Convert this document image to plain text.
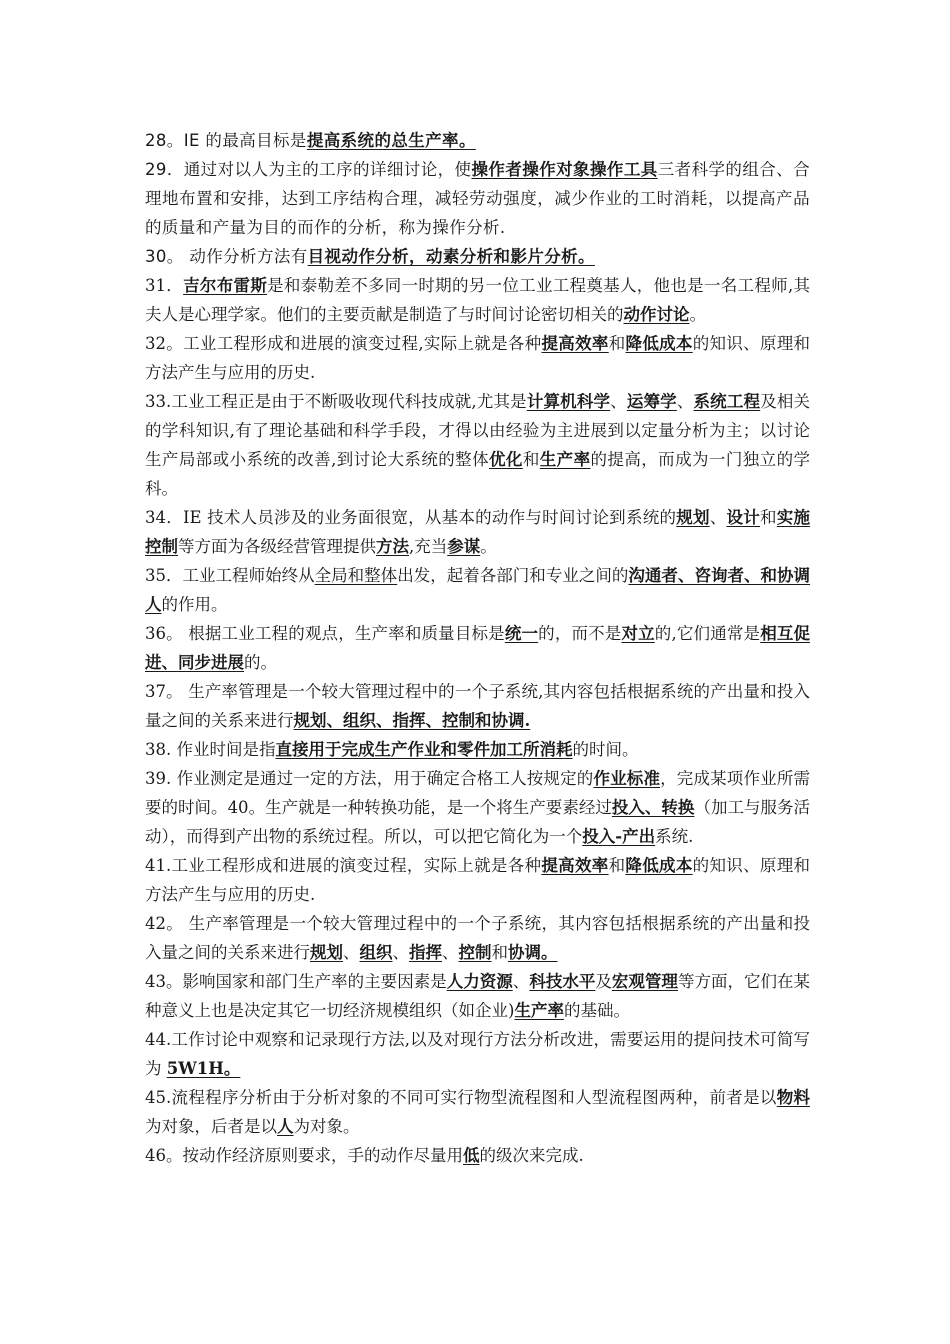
28。IE 的最高目标是提高系统的总生产率。

29．通过对以人为主的工序的详细讨论，使操作者操作对象操作工具三者科学的组合、合理地布置和安排，达到工序结构合理，减轻劳动强度，减少作业的工时消耗，以提高产品的质量和产量为目的而作的分析，称为操作分析.

30。 动作分析方法有目视动作分析，动素分析和影片分析。

31．吉尔布雷斯是和泰勒差不多同一时期的另一位工业工程奠基人，他也是一名工程师,其夫人是心理学家。他们的主要贡献是制造了与时间讨论密切相关的动作讨论。

32。工业工程形成和进展的演变过程,实际上就是各种提高效率和降低成本的知识、原理和方法产生与应用的历史.

33.工业工程正是由于不断吸收现代科技成就,尤其是计算机科学、运筹学、系统工程及相关的学科知识,有了理论基础和科学手段，才得以由经验为主进展到以定量分析为主；以讨论生产局部或小系统的改善,到讨论大系统的整体优化和生产率的提高，而成为一门独立的学科。

34．IE 技术人员涉及的业务面很宽，从基本的动作与时间讨论到系统的规划、设计和实施控制等方面为各级经营管理提供方法,充当参谋。

35．工业工程师始终从全局和整体出发，起着各部门和专业之间的沟通者、咨询者、和协调人的作用。

36。 根据工业工程的观点，生产率和质量目标是统一的，而不是对立的,它们通常是相互促进、同步进展的。

37。 生产率管理是一个较大管理过程中的一个子系统,其内容包括根据系统的产出量和投入量之间的关系来进行规划、组织、指挥、控制和协调.

38. 作业时间是指直接用于完成生产作业和零件加工所消耗的时间。

39. 作业测定是通过一定的方法，用于确定合格工人按规定的作业标准，完成某项作业所需要的时间。40。生产就是一种转换功能，是一个将生产要素经过投入、转换（加工与服务活动），而得到产出物的系统过程。所以，可以把它简化为一个投入-产出系统.

41.工业工程形成和进展的演变过程，实际上就是各种提高效率和降低成本的知识、原理和方法产生与应用的历史.

42。 生产率管理是一个较大管理过程中的一个子系统，其内容包括根据系统的产出量和投入量之间的关系来进行规划、组织、指挥、控制和协调。

43。影响国家和部门生产率的主要因素是人力资源、科技水平及宏观管理等方面，它们在某种意义上也是决定其它一切经济规模组织（如企业)生产率的基础。

44.工作讨论中观察和记录现行方法,以及对现行方法分析改进，需要运用的提问技术可简写为 5W1H。

45.流程程序分析由于分析对象的不同可实行物型流程图和人型流程图两种，前者是以物料为对象，后者是以人为对象。

46。按动作经济原则要求，手的动作尽量用低的级次来完成.
